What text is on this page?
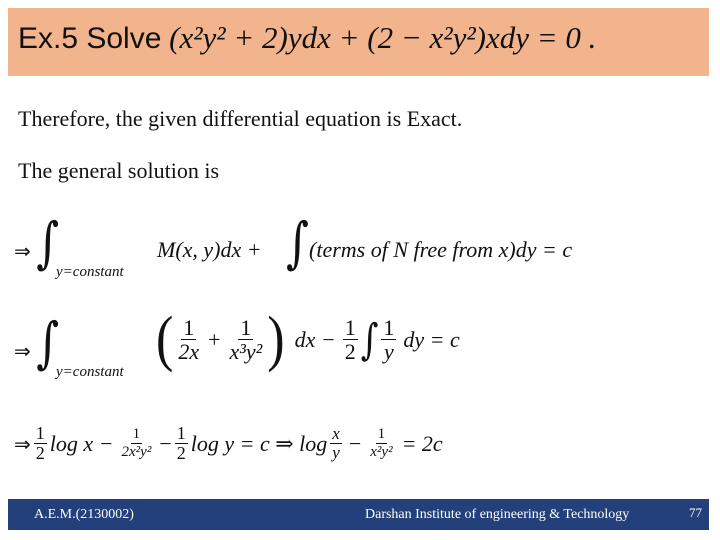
Ex.5 Solve (x²y² + 2)ydx + (2 − x²y²)xdy = 0 .
Therefore, the given differential equation is Exact.
The general solution is
⇒ ∫
y=constant
M(x, y)dx + ∫ (terms of N free from x)dy = c
⇒ ∫
y=constant ( $\frac{1}{2x} + \frac{1}{\text{x³y²}}$ ) dx − $\frac{1}{2}$ ∫ $\frac{1}{y}$ dy = c
⇒ $\frac{1}{2}$ $\log x - \frac{1}{\text{2x²y²}} - \frac{1}{2}$ log y = c ⇒ $\log \frac{x}{y} - \frac{1}{\text{x²y²}} = 2c$
A.E.M.(2130002)	Darshan Institute of engineering & Technology	77
